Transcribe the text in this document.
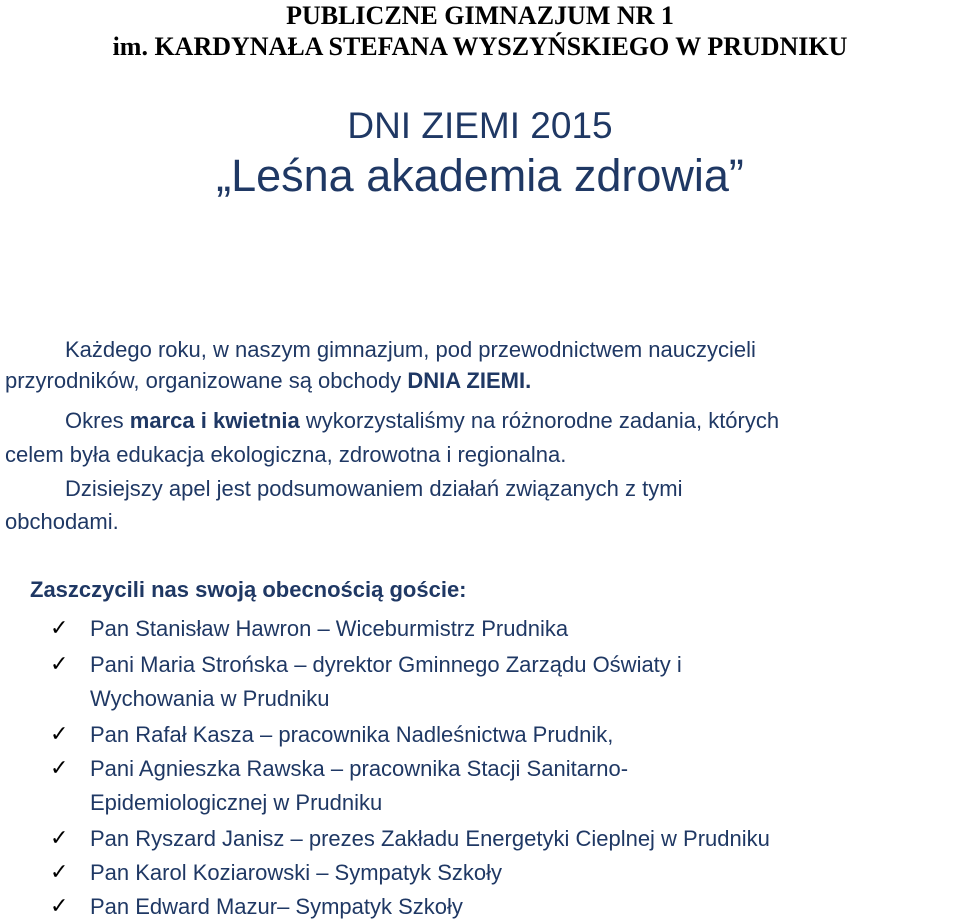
PUBLICZNE GIMNAZJUM NR 1
im. KARDYNAŁA STEFANA WYSZYŃSKIEGO W PRUDNIKU
DNI ZIEMI 2015
„Leśna akademia zdrowia”
Każdego roku, w naszym gimnazjum, pod przewodnictwem nauczycieli
przyrodników, organizowane są obchody DNIA ZIEMI.
Okres marca i kwietnia wykorzystaliśmy na różnorodne zadania, których
celem była edukacja ekologiczna, zdrowotna i regionalna.
Dzisiejszy apel jest podsumowaniem działań związanych z tymi
obchodami.
Zaszczycili nas swoją obecnością goście:
✓ Pan Stanisław Hawron – Wiceburmistrz Prudnika
✓ Pani Maria Strońska – dyrektor Gminnego Zarządu Oświaty i
Wychowania w Prudniku
✓ Pan Rafał Kasza – pracownika Nadleśnictwa Prudnik,
✓ Pani Agnieszka Rawska – pracownika Stacji Sanitarno-
Epidemiologicznej w Prudniku
✓ Pan Ryszard Janisz – prezes Zakładu Energetyki Cieplnej w Prudniku
✓ Pan Karol Koziarowski – Sympatyk Szkoły
✓ Pan Edward Mazur– Sympatyk Szkoły
